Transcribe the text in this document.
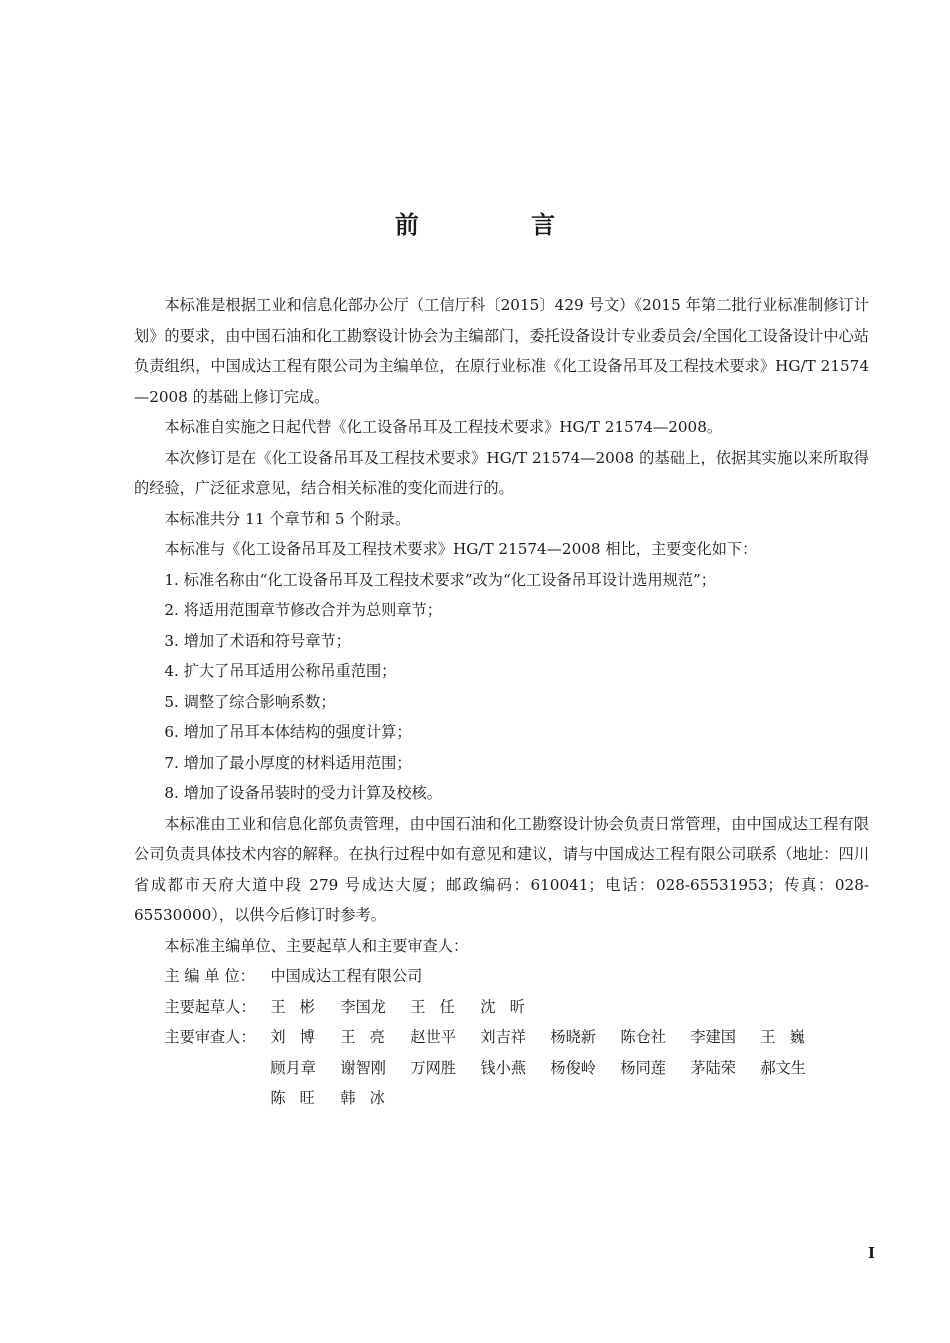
前 言

本标准是根据工业和信息化部办公厅（工信厅科〔2015〕429 号文）《2015 年第二批行业标准制修订计划》的要求，由中国石油和化工勘察设计协会为主编部门，委托设备设计专业委员会/全国化工设备设计中心站负责组织，中国成达工程有限公司为主编单位，在原行业标准《化工设备吊耳及工程技术要求》HG/T 21574—2008 的基础上修订完成。

本标准自实施之日起代替《化工设备吊耳及工程技术要求》HG/T 21574—2008。

本次修订是在《化工设备吊耳及工程技术要求》HG/T 21574—2008 的基础上，依据其实施以来所取得的经验，广泛征求意见，结合相关标准的变化而进行的。

本标准共分 11 个章节和 5 个附录。

本标准与《化工设备吊耳及工程技术要求》HG/T 21574—2008 相比，主要变化如下：

1. 标准名称由“化工设备吊耳及工程技术要求”改为“化工设备吊耳设计选用规范”；

2. 将适用范围章节修改合并为总则章节；

3. 增加了术语和符号章节；

4. 扩大了吊耳适用公称吊重范围；

5. 调整了综合影响系数；

6. 增加了吊耳本体结构的强度计算；

7. 增加了最小厚度的材料适用范围；

8. 增加了设备吊装时的受力计算及校核。

本标准由工业和信息化部负责管理，由中国石油和化工勘察设计协会负责日常管理，由中国成达工程有限公司负责具体技术内容的解释。在执行过程中如有意见和建议，请与中国成达工程有限公司联系（地址：四川省成都市天府大道中段 279 号成达大厦；邮政编码：610041；电话：028-65531953；传真：028-65530000），以供今后修订时参考。

本标准主编单位、主要起草人和主要审查人：

主 编 单 位：	中国成达工程有限公司
主要起草人： 王彬 李国龙	王任 沈昕
主要审查人： 刘博 王亮 赵世平	刘吉祥	杨晓新	陈仓社	李建国	王巍
顾月章	谢智刚	万网胜	钱小燕	杨俊岭	杨同莲	茅陆荣	郝文生
陈旺 韩冰
I
